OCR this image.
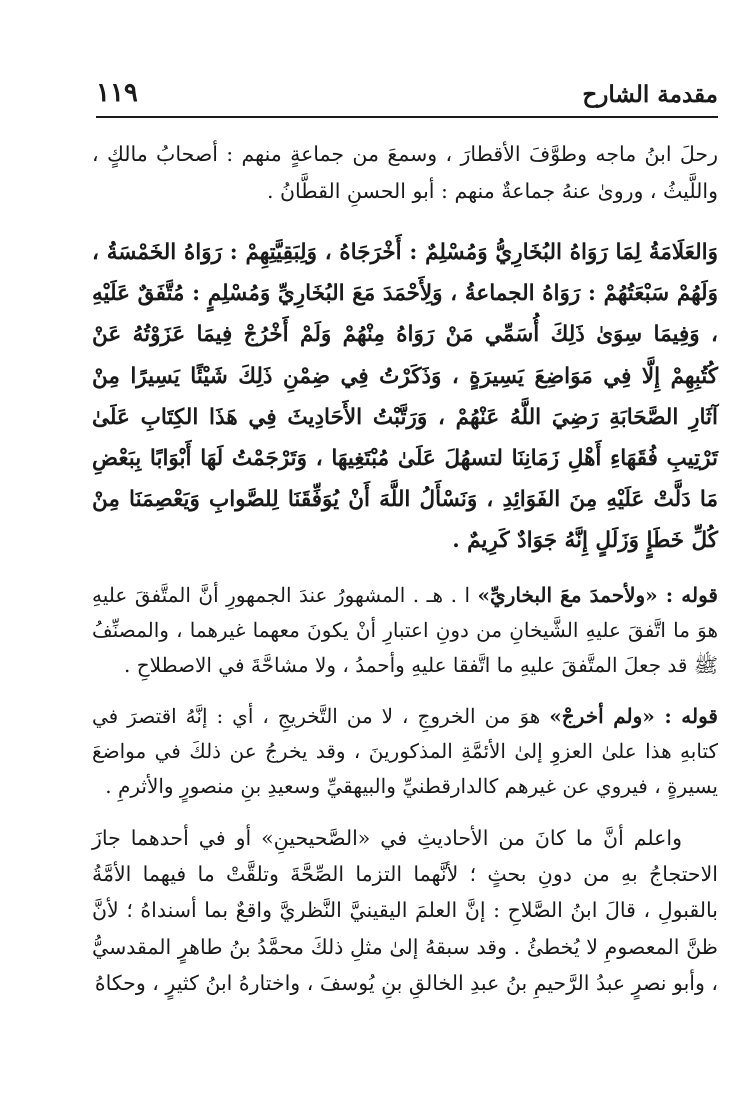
مقدمة الشارح
١١٩

رحلَ ابنُ ماجه وطوَّفَ الأقطارَ ، وسمعَ من جماعةٍ منهم : أصحابُ مالكٍ ، واللَّيثُ ، وروىٰ عنهُ جماعةٌ منهم : أبو الحسنِ القطَّانُ .

وَالعَلَامَةُ لِمَا رَوَاهُ البُخَارِيُّ وَمُسْلِمٌ : أَخْرَجَاهُ ، وَلِبَقِيَّتِهِمْ : رَوَاهُ الخَمْسَةُ ، وَلَهُمْ سَبْعَتُهُمْ : رَوَاهُ الجماعةُ ، وَلِأَحْمَدَ مَعَ البُخَارِيِّ وَمُسْلِمٍ : مُتَّفَقٌ عَلَيْهِ ، وَفِيمَا سِوَىٰ ذَلِكَ أُسَمِّي مَنْ رَوَاهُ مِنْهُمْ وَلَمْ أَخْرُجْ فِيمَا عَزَوْتُهُ عَنْ كُتُبِهِمْ إِلَّا فِي مَوَاضِعَ يَسِيرَةٍ ، وَذَكَرْتُ فِي ضِمْنِ ذَلِكَ شَيْئًا يَسِيرًا مِنْ آثَارِ الصَّحَابَةِ رَضِيَ اللَّهُ عَنْهُمْ ، وَرَتَّبْتُ الأَحَادِيثَ فِي هَذَا الكِتَابِ عَلَىٰ تَرْتِيبِ فُقَهَاءِ أَهْلِ زَمَانِنَا لتسهُلَ عَلَىٰ مُبْتَغِيهَا ، وَتَرْجَمْتُ لَهَا أَبْوَابًا بِبَعْضِ مَا دَلَّتْ عَلَيْهِ مِنَ الفَوَائِدِ ، وَنَسْأَلُ اللَّهَ أَنْ يُوَفِّقَنَا لِلصَّوابِ وَيَعْصِمَنَا مِنْ كُلِّ خَطَإٍ وَزَلَلٍ إِنَّهُ جَوَادٌ كَرِيمٌ .

قوله : «ولأحمدَ معَ البخاريِّ» ا . هـ . المشهورُ عندَ الجمهورِ أنَّ المتَّفقَ عليهِ هوَ ما اتَّفقَ عليهِ الشَّيخانِ من دونِ اعتبارِ أنْ يكونَ معهما غيرهما ، والمصنِّفُ ﷺ قد جعلَ المتَّفقَ عليهِ ما اتَّفقا عليهِ وأحمدُ ، ولا مشاحَّةَ في الاصطلاحِ .

قوله : «ولم أخرجْ» هوَ من الخروجِ ، لا من التَّخريجِ ، أي : إنَّهُ اقتصرَ في كتابهِ هذا علىٰ العزوِ إلىٰ الأئمَّةِ المذكورينَ ، وقد يخرجُ عن ذلكَ في مواضعَ يسيرةٍ ، فيروي عن غيرهم كالدارقطنيِّ والبيهقيِّ وسعيدِ بنِ منصورٍ والأثرمِ .

واعلم أنَّ ما كانَ من الأحاديثِ في «الصَّحيحينِ» أو في أحدهما جازَ الاحتجاجُ بهِ من دونِ بحثٍ ؛ لأنَّهما التزما الصِّحَّةَ وتلقَّتْ ما فيهما الأمَّةُ بالقبولِ ، قالَ ابنُ الصَّلاحِ : إنَّ العلمَ اليقينيَّ النَّظريَّ واقعٌ بما أسنداهُ ؛ لأنَّ ظنَّ المعصومِ لا يُخطئُ . وقد سبقهُ إلىٰ مثلِ ذلكَ محمَّدُ بنُ طاهرٍ المقدسيُّ ، وأبو نصرٍ عبدُ الرَّحيمِ بنُ عبدِ الخالقِ بنِ يُوسفَ ، واختارهُ ابنُ كثيرٍ ، وحكاهُ
